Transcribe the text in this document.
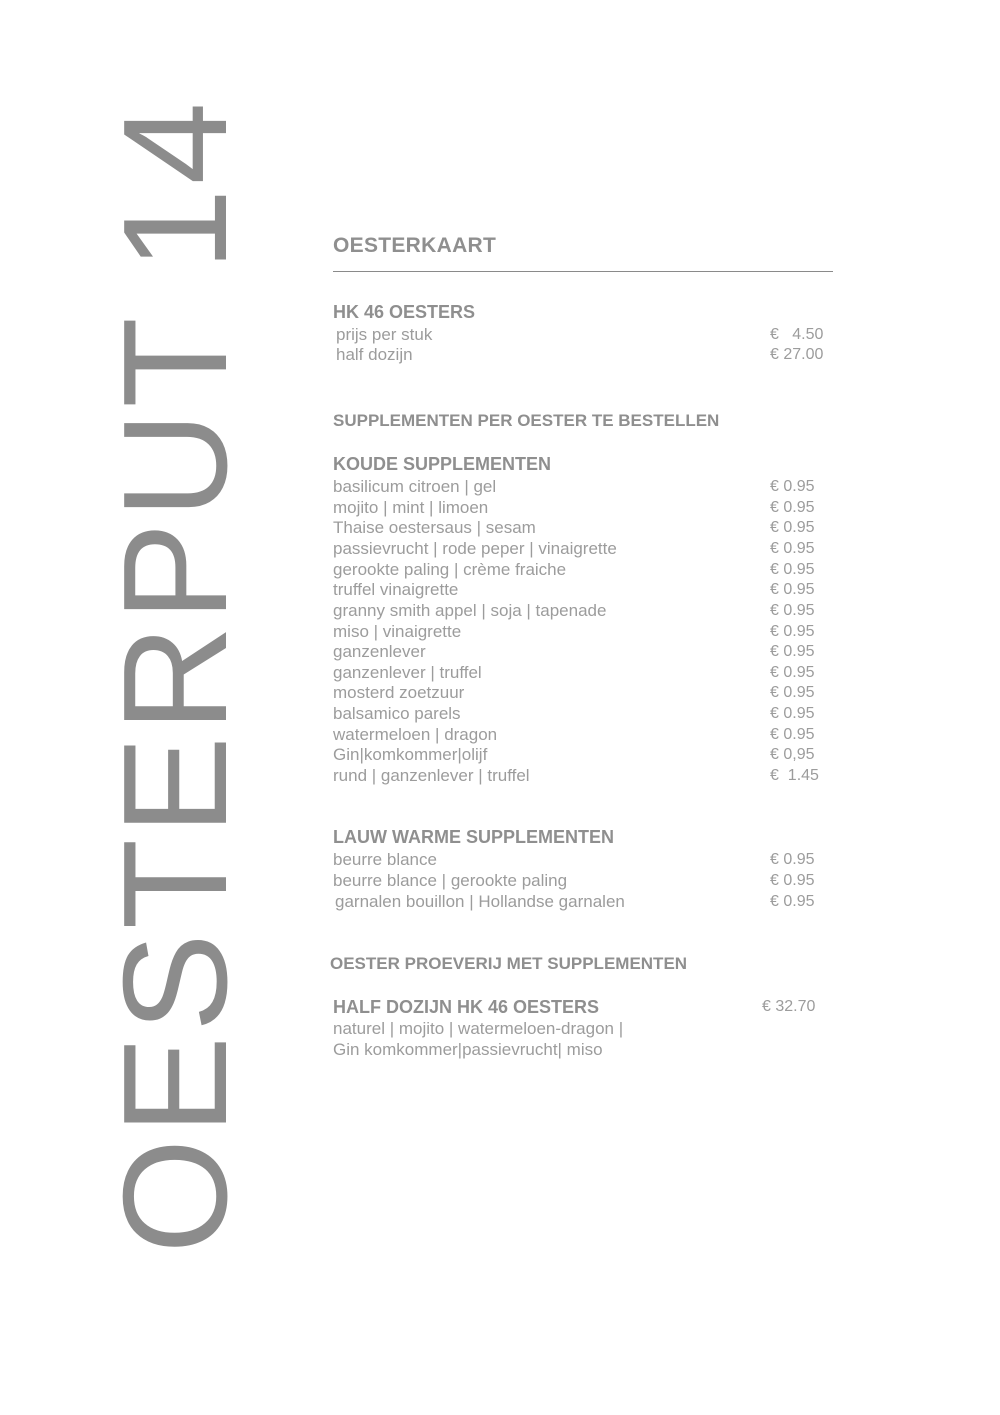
OESTERPUT 14	OESTERKAART
HK 46 OESTERS
prijs per stuk	€   4.50
half dozijn	€ 27.00
SUPPLEMENTEN PER OESTER TE BESTELLEN
KOUDE SUPPLEMENTEN
basilicum citroen | gel	€ 0.95
mojito | mint | limoen	€ 0.95
Thaise oestersaus | sesam	€ 0.95
passievrucht | rode peper | vinaigrette	€ 0.95
gerookte paling | crème fraiche	€ 0.95
truffel vinaigrette	€ 0.95
granny smith appel | soja | tapenade	€ 0.95
miso | vinaigrette	€ 0.95
ganzenlever	€ 0.95
ganzenlever | truffel	€ 0.95
mosterd zoetzuur	€ 0.95
balsamico parels	€ 0.95
watermeloen | dragon	€ 0.95
Gin|komkommer|olijf	€ 0,95
rund | ganzenlever | truffel	€  1.45
LAUW WARME SUPPLEMENTEN
beurre blance	€ 0.95
beurre blance | gerookte paling	€ 0.95
garnalen bouillon | Hollandse garnalen	€ 0.95
OESTER PROEVERIJ MET SUPPLEMENTEN
HALF DOZIJN HK 46 OESTERS	€ 32.70
naturel | mojito | watermeloen-dragon |
Gin komkommer|passievrucht| miso
